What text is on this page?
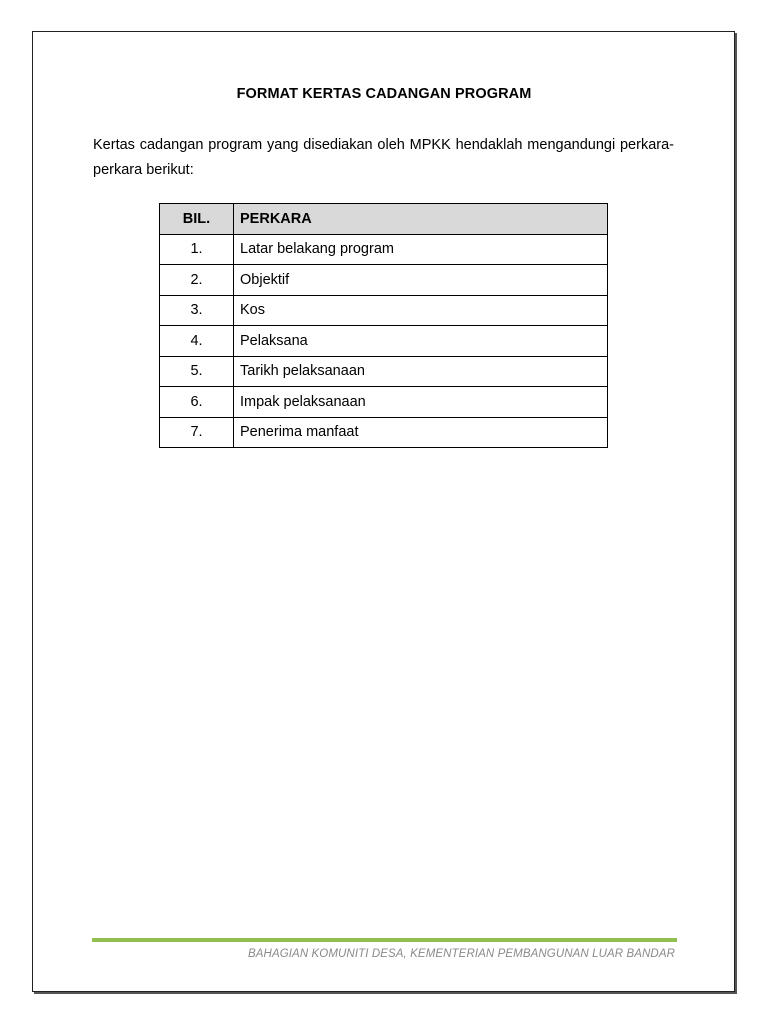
FORMAT KERTAS CADANGAN PROGRAM

Kertas cadangan program yang disediakan oleh MPKK hendaklah mengandungi perkara-perkara berikut:

BIL.	PERKARA
1.	Latar belakang program
2.	Objektif
3.	Kos
4.	Pelaksana
5.	Tarikh pelaksanaan
6.	Impak pelaksanaan
7.	Penerima manfaat
BAHAGIAN KOMUNITI DESA, KEMENTERIAN PEMBANGUNAN LUAR BANDAR
